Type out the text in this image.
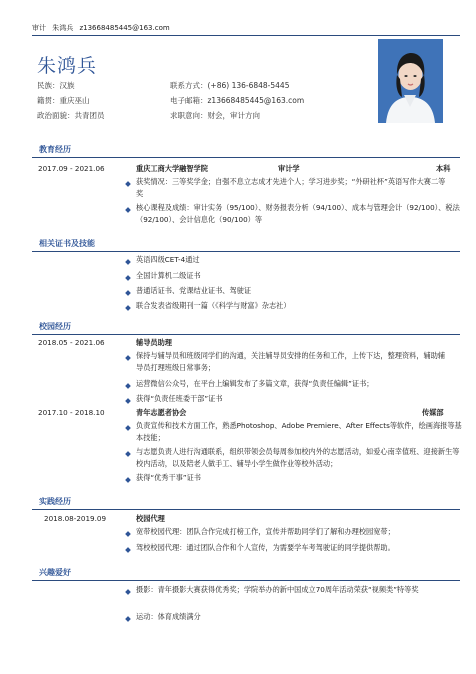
审计 朱鸿兵 z13668485445@163.com
朱鸿兵
民族：汉族
籍贯：重庆巫山
政治面貌：共青团员
联系方式：(+86) 136-6848-5445
电子邮箱：z13668485445@163.com
求职意向：财会，审计方向
教育经历
2017.09 - 2021.06	重庆工商大学融智学院	审计学	本科
获奖情况：三等奖学金；自强不息立志成才先进个人；学习进步奖；“外研社杯”英语写作大赛二等奖
核心课程及成绩：审计实务（95/100）、财务报表分析（94/100）、成本与管理会计（92/100）、税法（92/100）、会计信息化（90/100）等
相关证书及技能
英语四级CET-4通过
全国计算机二级证书
普通话证书、党课结业证书、驾驶证
联合发表省级期刊一篇（《科学与财富》杂志社）
校园经历
2018.05 - 2021.06	辅导员助理
保持与辅导员和班级同学们的沟通，关注辅导员安排的任务和工作，上传下达，整理资料，辅助辅导员打理班级日常事务；
运营微信公众号，在平台上编辑发布了多篇文章，获得“负责任编辑”证书；
获得“负责任班委干部”证书
2017.10 - 2018.10	青年志愿者协会	传媒部
负责宣传和技术方面工作，熟悉Photoshop、Adobe Premiere、After Effects等软件，绘画海报等基本技能；
与志愿负责人进行沟通联系，组织带领会员每周参加校内外的志愿活动，如爱心南幸值班、迎接新生等校内活动，以及陪老人做手工、辅导小学生做作业等校外活动；
获得“优秀干事”证书
实践经历
2018.08-2019.09	校园代理
宽带校园代理：团队合作完成打榜工作，宣传并帮助同学们了解和办理校园宽带；
驾校校园代理：通过团队合作和个人宣传，为需要学车考驾驶证的同学提供帮助。
兴趣爱好
摄影：青年摄影大赛获得优秀奖；学院举办的新中国成立70周年活动荣获“视频类”特等奖
运动：体育成绩满分
